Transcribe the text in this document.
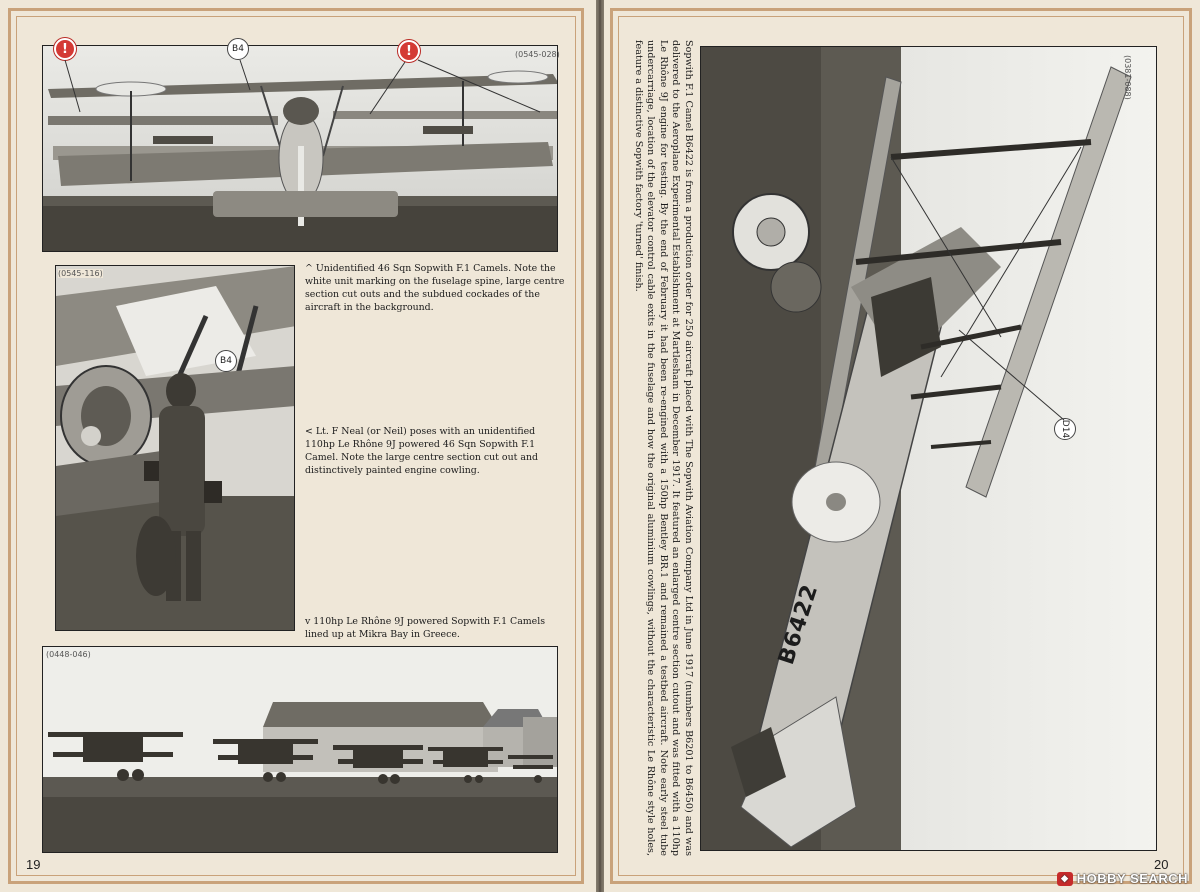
(0545-028)
!	!
B4
(0545-116)
B4
^ Unidentified 46 Sqn Sopwith F.1 Camels. Note the white unit marking on the fuselage spine, large centre section cut outs and the subdued cockades of the aircraft in the background.
< Lt. F Neal (or Neil) poses with an unidentified 110hp Le Rhône 9J powered 46 Sqn Sopwith F.1 Camel. Note the large centre section cut out and distinctively painted engine cowling.
v 110hp Le Rhône 9J powered Sopwith F.1 Camels lined up at Mikra Bay in Greece.
(0448-046)
19
(0381-088)
B6422
D14
20
Sopwith F.1 Camel B6422 is from a production order for 250 aircraft placed with The Sopwith Aviation Company Ltd in June 1917 (numbers B6201 to B6450) and was delivered to the Aeroplane Experimental Establishment at Martlesham in December 1917. It featured an enlarged centre section cutout and was fitted with a 110hp Le Rhône 9J engine for testing. By the end of February it had been re-engined with a 150hp Bentley BR.1 and remained a testbed aircraft. Note early steel tube undercarriage, location of the elevator control cable exits in the fuselage and how the original aluminium cowlings, without the characteristic Le Rhône style holes, feature a distinctive Sopwith factory 'turned' finish.
◆ HOBBY SEARCH
